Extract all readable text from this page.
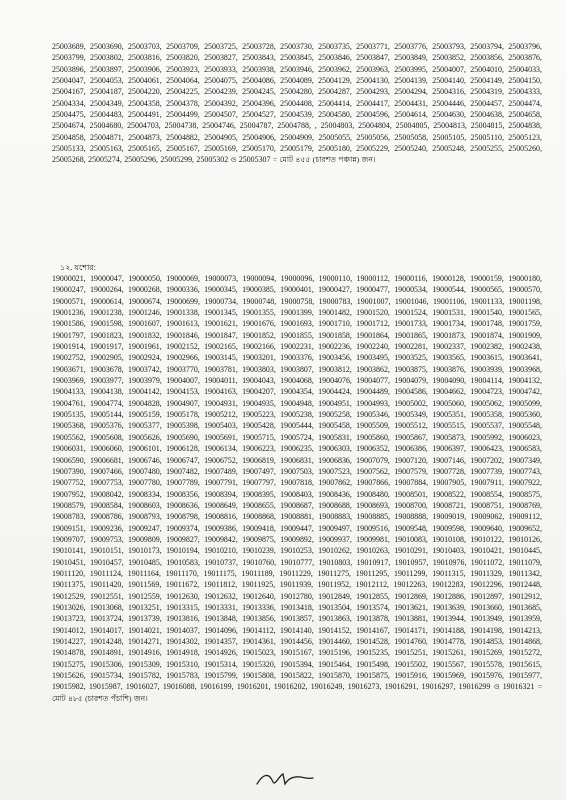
25003689, 25003690, 25003703, 25003709, 25003725, 25003728, 25003730, 25003735, 25003771, 25003776, 25003793, 25003794, 25003796, 25003799, 25003802, 25003816, 25003820, 25003827, 25003843, 25003845, 25003846, 25003847, 25003849, 25003852, 25003856, 25003876, 25003896, 25003897, 25003906, 25003923, 25003933, 25003938, 25003946, 25003962, 25003963, 25003995, 25004007, 25004010, 25004033, 25004047, 25004053, 25004061, 25004064, 25004075, 25004086, 25004089, 25004129, 25004130, 25004139, 25004140, 25004149, 25004150, 25004167, 25004187, 25004220, 25004225, 25004239, 25004245, 25004280, 25004287, 25004293, 25004294, 25004316, 25004319, 25004333, 25004334, 25004349, 25004358, 25004378, 25004392, 25004396, 25004408, 25004414, 25004417, 25004431, 25004446, 25004457, 25004474, 25004475, 25004483, 25004491, 25004499, 25004507, 25004527, 25004539, 25004580, 25004596, 25004614, 25004630, 25004638, 25004658, 25004674, 25004680, 25004703, 25004738, 25004746, 25004787, 25004788, , 25004803, 25004804, 25004805, 25004813, 25004815, 25004838, 25004858, 25004871, 25004873, 25004882, 25004905, 25004906, 25004909, 25005055, 25005056, 25005058, 25005105, 25005110, 25005123, 25005133, 25005163, 25005165, 25005167, 25005169, 25005170, 25005179, 25005180, 25005229, 25005240, 25005248, 25005255, 25005260, 25005268, 25005274, 25005296, 25005299, 25005302 ও 25005307 = মোট ৪৫৫ (চারশত পঞ্চান্ন) জন।
১২. যশোর:
19000021, 19000047, 19000050, 19000069, 19000073, 19000094, 19000096, 19000110, 19000112, 19000116, 19000128, 19000159, 19000180, 19000247, 19000264, 19000268, 19000336, 19000345, 19000385, 19000401, 19000427, 19000477, 19000534, 19000544, 19000565, 19000570, 19000571, 19000614, 19000674, 19000699, 19000734, 19000748, 19000758, 19000783, 19001007, 19001046, 19001106, 19001133, 19001198, 19001236, 19001238, 19001246, 19001338, 19001345, 19001355, 19001399, 19001482, 19001520, 19001524, 19001531, 19001540, 19001565, 19001586, 19001598, 19001607, 19001613, 19001621, 19001676, 19001693, 19001710, 19001712, 19001733, 19001734, 19001748, 19001759, 19001797, 19001823, 19001832, 19001846, 19001847, 19001852, 19001855, 19001858, 19001864, 19001865, 19001873, 19001874, 19001909, 19001914, 19001917, 19001961, 19002152, 19002165, 19002166, 19002231, 19002236, 19002240, 19002281, 19002337, 19002382, 19002438, 19002752, 19002905, 19002924, 19002966, 19003145, 19003201, 19003376, 19003456, 19003495, 19003525, 19003565, 19003615, 19003641, 19003671, 19003678, 19003742, 19003770, 19003781, 19003803, 19003807, 19003812, 19003862, 19003875, 19003876, 19003939, 19003968, 19003969, 19003977, 19003979, 19004007, 19004011, 19004043, 19004068, 19004076, 19004077, 19004079, 19004090, 19004114, 19004132, 19004133, 19004138, 19004142, 19004153, 19004163, 19004207, 19004354, 19004424, 19004489, 19004586, 19004662, 19004723, 19004742, 19004761, 19004774, 19004828, 19004907, 19004931, 19004935, 19004948, 19004951, 19004993, 19005002, 19005060, 19005062, 19005099, 19005135, 19005144, 19005159, 19005178, 19005212, 19005223, 19005238, 19005258, 19005346, 19005349, 19005351, 19005358, 19005360, 19005368, 19005376, 19005377, 19005398, 19005403, 19005428, 19005444, 19005458, 19005509, 19005512, 19005515, 19005537, 19005548, 19005562, 19005608, 19005626, 19005690, 19005691, 19005715, 19005724, 19005831, 19005860, 19005867, 19005873, 19005992, 19006023, 19006031, 19006060, 19006101, 19006128, 19006134, 19006223, 19006235, 19006303, 19006352, 19006386, 19006397, 19006423, 19006583, 19006590, 19006681, 19006746, 19006747, 19006752, 19006819, 19006831, 19006836, 19007079, 19007120, 19007146, 19007202, 19007349, 19007390, 19007466, 19007480, 19007482, 19007489, 19007497, 19007503, 19007523, 19007562, 19007579, 19007728, 19007739, 19007743, 19007752, 19007753, 19007780, 19007789, 19007791, 19007797, 19007818, 19007862, 19007866, 19007884, 19007905, 19007911, 19007922, 19007952, 19008042, 19008334, 19008356, 19008394, 19008395, 19008403, 19008436, 19008480, 19008501, 19008522, 19008554, 19008575, 19008579, 19008584, 19008603, 19008636, 19008649, 19008655, 19008687, 19008688, 19008693, 19008700, 19008721, 19008751, 19008769, 19008783, 19008786, 19008793, 19008798, 19008816, 19008868, 19008881, 19008883, 19008885, 19008888, 19009019, 19009062, 19009112, 19009151, 19009236, 19009247, 19009374, 19009386, 19009418, 19009447, 19009497, 19009516, 19009548, 19009598, 19009640, 19009652, 19009707, 19009753, 19009809, 19009827, 19009842, 19009875, 19009892, 19009937, 19009981, 19010083, 19010108, 19010122, 19010126, 19010141, 19010151, 19010173, 19010194, 19010210, 19010239, 19010253, 19010262, 19010263, 19010291, 19010403, 19010421, 19010445, 19010451, 19010457, 19010485, 19010583, 19010737, 19010760, 19010777, 19010803, 19010917, 19010957, 19010976, 19011072, 19011079, 19011120, 19011124, 19011164, 19011170, 19011175, 19011189, 19011229, 19011275, 19011295, 19011299, 19011315, 19011329, 19011342, 19011375, 19011420, 19011569, 19011672, 19011812, 19011925, 19011939, 19011952, 19012112, 19012263, 19012283, 19012296, 19012448, 19012529, 19012551, 19012559, 19012630, 19012632, 19012640, 19012780, 19012849, 19012855, 19012869, 19012886, 19012897, 19012912, 19013026, 19013068, 19013251, 19013315, 19013331, 19013336, 19013418, 19013504, 19013574, 19013621, 19013639, 19013660, 19013685, 19013723, 19013724, 19013739, 19013816, 19013848, 19013856, 19013857, 19013863, 19013878, 19013881, 19013944, 19013949, 19013959, 19014012, 19014017, 19014021, 19014037, 19014096, 19014112, 19014140, 19014152, 19014167, 19014171, 19014188, 19014198, 19014213, 19014227, 19014248, 19014271, 19014302, 19014357, 19014361, 19014456, 19014460, 19014528, 19014760, 19014778, 19014853, 19014868, 19014878, 19014891, 19014916, 19014918, 19014926, 19015023, 19015167, 19015196, 19015235, 19015251, 19015261, 19015269, 19015272, 19015275, 19015306, 19015309, 19015310, 19015314, 19015320, 19015394, 19015464, 19015498, 19015502, 19015567, 19015578, 19015615, 19015626, 19015734, 19015782, 19015783, 19015799, 19015808, 19015822, 19015870, 19015875, 19015916, 19015969, 19015976, 19015977, 19015982, 19015987, 19016027, 19016088, 19016199, 19016201, 19016202, 19016249, 19016273, 19016291, 19016297, 19016299 ও 19016321 = মোট ৪৮৫ (চারশত পঁচাশি) জন।
